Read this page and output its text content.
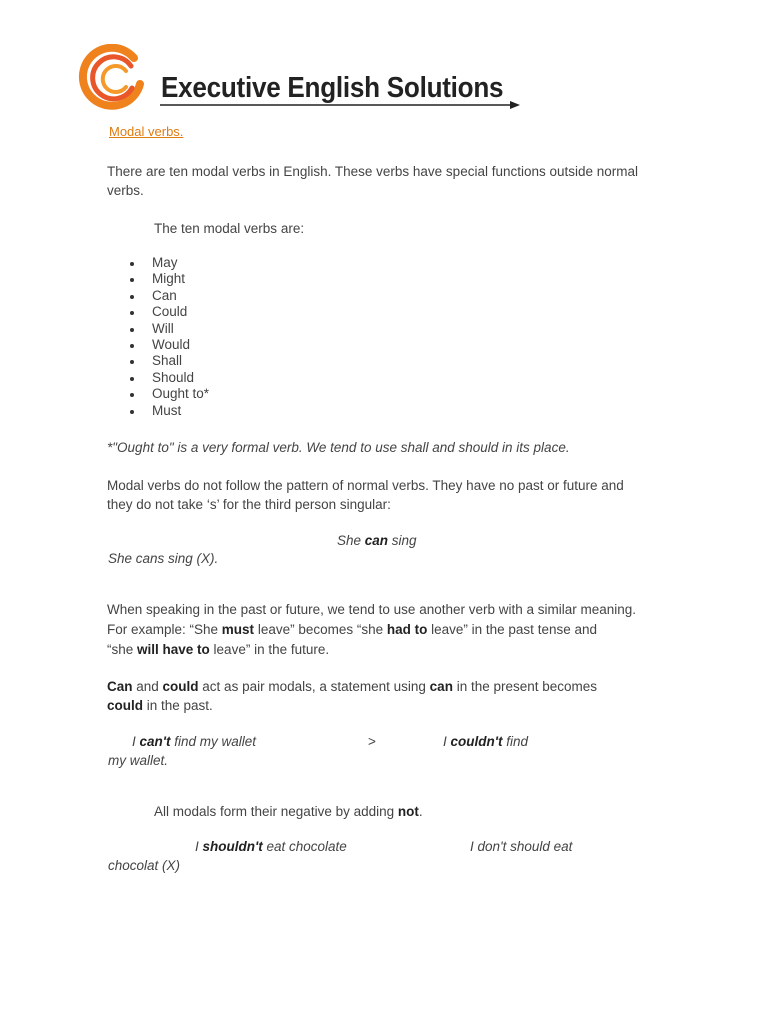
Executive English Solutions
Modal verbs.
There are ten modal verbs in English. These verbs have special functions outside normal
verbs.
The ten modal verbs are:
May
Might
Can
Could
Will
Would
Shall
Should
Ought to*
Must
*"Ought to" is a very formal verb. We tend to use shall and should in its place.
Modal verbs do not follow the pattern of normal verbs. They have no past or future and
they do not take ‘s’ for the third person singular:
She can sing
She cans sing (X).
When speaking in the past or future, we tend to use another verb with a similar meaning.
For example: “She must leave” becomes “she had to leave” in the past tense and
“she will have to leave” in the future.
Can and could act as pair modals, a statement using can in the present becomes
could in the past.
I can't find my wallet	>	I couldn't find
my wallet.
All modals form their negative by adding not.
I shouldn't eat chocolate	I don't should eat
chocolat (X)
